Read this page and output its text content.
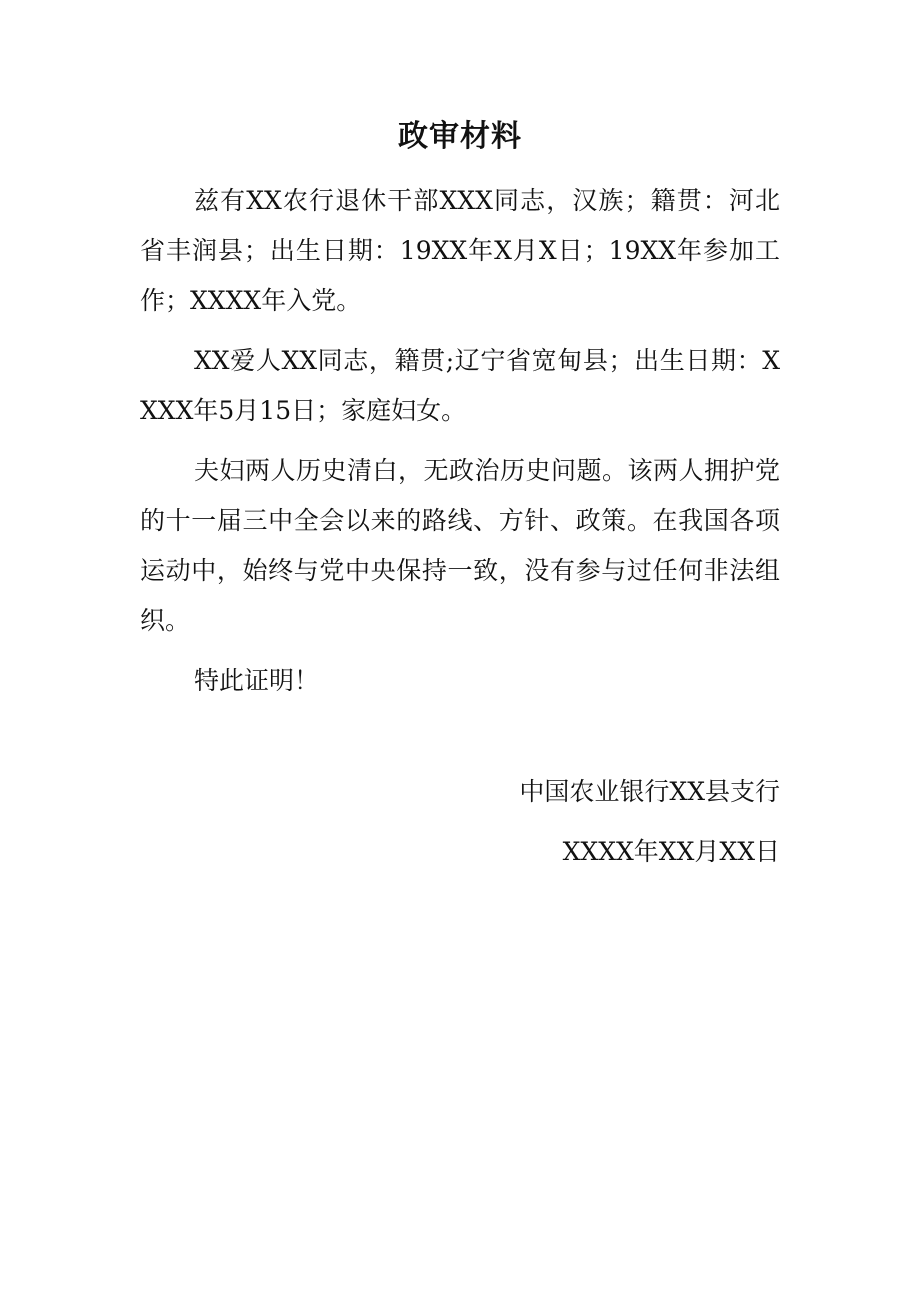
政审材料

兹有XX农行退休干部XXX同志，汉族；籍贯：河北省丰润县；出生日期：19XX年X月X日；19XX年参加工作；XXXX年入党。

XX爱人XX同志，籍贯;辽宁省宽甸县；出生日期：XXXX年5月15日；家庭妇女。

夫妇两人历史清白，无政治历史问题。该两人拥护党的十一届三中全会以来的路线、方针、政策。在我国各项运动中，始终与党中央保持一致，没有参与过任何非法组织。

特此证明！

中国农业银行XX县支行
XXXX年XX月XX日
